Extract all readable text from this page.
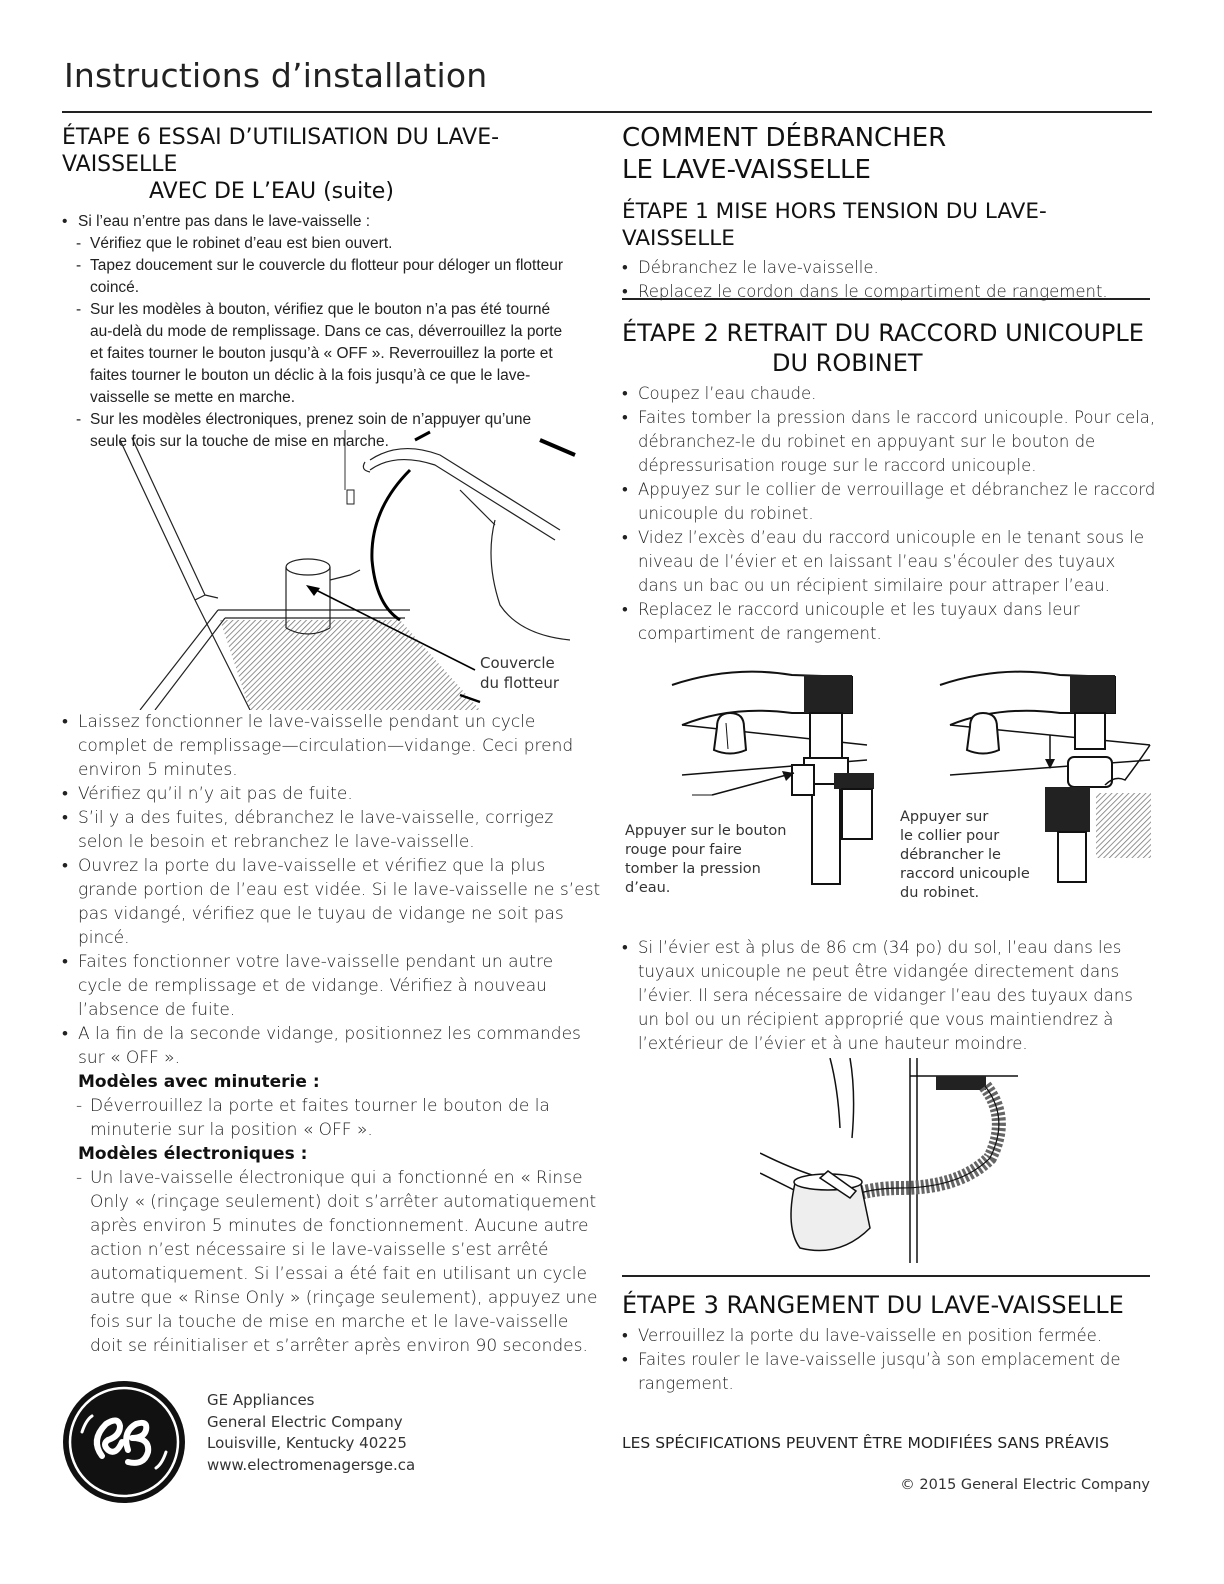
Instructions d’installation
ÉTAPE 6 ESSAI D’UTILISATION DU LAVE-VAISSELLE
AVEC DE L’EAU (suite)
• Si l’eau n’entre pas dans le lave-vaisselle :
- Vérifiez que le robinet d’eau est bien ouvert.
- Tapez doucement sur le couvercle du flotteur pour déloger un flotteur coincé.
- Sur les modèles à bouton, vérifiez que le bouton n’a pas été tourné au-delà du mode de remplissage. Dans ce cas, déverrouillez la porte et faites tourner le bouton jusqu’à « OFF ». Reverrouillez la porte et faites tourner le bouton un déclic à la fois jusqu’à ce que le lave-vaisselle se mette en marche.
- Sur les modèles électroniques, prenez soin de n’appuyer qu’une seule fois sur la touche de mise en marche.
Couvercle
du flotteur
• Laissez fonctionner le lave-vaisselle pendant un cycle complet de remplissage—circulation—vidange. Ceci prend environ 5 minutes.
• Vérifiez qu’il n’y ait pas de fuite.
• S’il y a des fuites, débranchez le lave-vaisselle, corrigez selon le besoin et rebranchez le lave-vaisselle.
• Ouvrez la porte du lave-vaisselle et vérifiez que la plus grande portion de l’eau est vidée. Si le lave-vaisselle ne s’est pas vidangé, vérifiez que le tuyau de vidange ne soit pas pincé.
• Faites fonctionner votre lave-vaisselle pendant un autre cycle de remplissage et de vidange. Vérifiez à nouveau l’absence de fuite.
• A la fin de la seconde vidange, positionnez les commandes sur « OFF ».
Modèles avec minuterie :
- Déverrouillez la porte et faites tourner le bouton de la minuterie sur la position « OFF ».
Modèles électroniques :
- Un lave-vaisselle électronique qui a fonctionné en « Rinse Only « (rinçage seulement) doit s’arrêter automatiquement après environ 5 minutes de fonctionnement. Aucune autre action n’est nécessaire si le lave-vaisselle s’est arrêté automatiquement. Si l’essai a été fait en utilisant un cycle autre que « Rinse Only » (rinçage seulement), appuyez une fois sur la touche de mise en marche et le lave-vaisselle doit se réinitialiser et s’arrêter après environ 90 secondes.
GE Appliances
General Electric Company
Louisville, Kentucky 40225
www.electromenagersge.ca
COMMENT DÉBRANCHER
LE LAVE-VAISSELLE
ÉTAPE 1 MISE HORS TENSION DU LAVE-VAISSELLE
• Débranchez le lave-vaisselle.
• Replacez le cordon dans le compartiment de rangement.
ÉTAPE 2 RETRAIT DU RACCORD UNICOUPLE
DU ROBINET
• Coupez l’eau chaude.
• Faites tomber la pression dans le raccord unicouple. Pour cela, débranchez-le du robinet en appuyant sur le bouton de dépressurisation rouge sur le raccord unicouple.
• Appuyez sur le collier de verrouillage et débranchez le raccord unicouple du robinet.
• Videz l’excès d’eau du raccord unicouple en le tenant sous le niveau de l’évier et en laissant l’eau s’écouler des tuyaux dans un bac ou un récipient similaire pour attraper l’eau.
• Replacez le raccord unicouple et les tuyaux dans leur compartiment de rangement.
Appuyer sur le bouton
rouge pour faire
tomber la pression
d’eau.
Appuyer sur
le collier pour
débrancher le
raccord unicouple
du robinet.
• Si l’évier est à plus de 86 cm (34 po) du sol, l’eau dans les tuyaux unicouple ne peut être vidangée directement dans l’évier. Il sera nécessaire de vidanger l’eau des tuyaux dans un bol ou un récipient approprié que vous maintiendrez à l’extérieur de l’évier et à une hauteur moindre.
ÉTAPE 3 RANGEMENT DU LAVE-VAISSELLE
• Verrouillez la porte du lave-vaisselle en position fermée.
• Faites rouler le lave-vaisselle jusqu’à son emplacement de rangement.
LES SPÉCIFICATIONS PEUVENT ÊTRE MODIFIÉES SANS PRÉAVIS
© 2015 General Electric Company
